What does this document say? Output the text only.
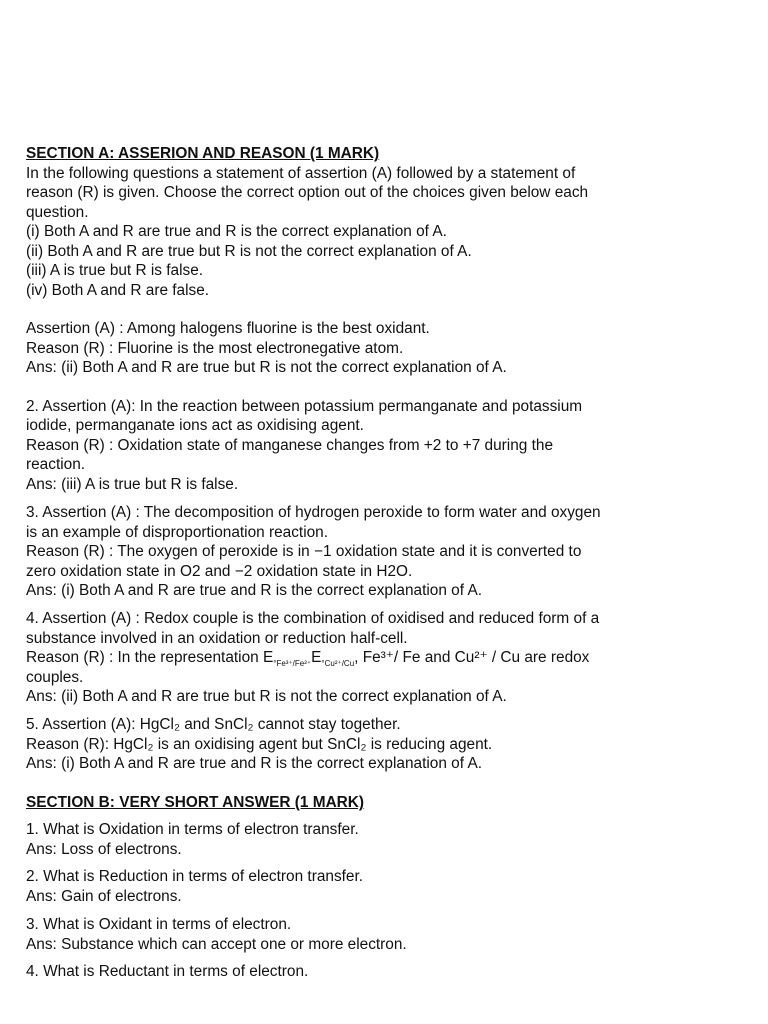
SECTION A: ASSERION AND REASON (1 MARK)

In the following questions a statement of assertion (A) followed by a statement of

reason (R) is given. Choose the correct option out of the choices given below each

question.

(i) Both A and R are true and R is the correct explanation of A.

(ii) Both A and R are true but R is not the correct explanation of A.

(iii) A is true but R is false.

(iv) Both A and R are false.

Assertion (A) : Among halogens fluorine is the best oxidant.

Reason (R) : Fluorine is the most electronegative atom.

Ans: (ii) Both A and R are true but R is not the correct explanation of A.

2. Assertion (A): In the reaction between potassium permanganate and potassium

iodide, permanganate ions act as oxidising agent.

Reason (R) : Oxidation state of manganese changes from +2 to +7 during the

reaction.

Ans: (iii) A is true but R is false.

3. Assertion (A) : The decomposition of hydrogen peroxide to form water and oxygen

is an example of disproportionation reaction.

Reason (R) : The oxygen of peroxide is in −1 oxidation state and it is converted to

zero oxidation state in O2 and −2 oxidation state in H2O.

Ans: (i) Both A and R are true and R is the correct explanation of A.

4. Assertion (A) : Redox couple is the combination of oxidised and reduced form of a

substance involved in an oxidation or reduction half-cell.

Reason (R) : In the representation $E_{^\circ Fe^{3+}/Fe^{2+}}E_{^\circ Cu^{2+}/Cu}$, Fe³⁺/ Fe and Cu²⁺ / Cu are redox

couples.

Ans: (ii) Both A and R are true but R is not the correct explanation of A.

5. Assertion (A): HgCl₂ and SnCl₂ cannot stay together.

Reason (R): HgCl₂ is an oxidising agent but SnCl₂ is reducing agent.

Ans: (i) Both A and R are true and R is the correct explanation of A.

SECTION B: VERY SHORT ANSWER (1 MARK)

1. What is Oxidation in terms of electron transfer.

Ans: Loss of electrons.

2. What is Reduction in terms of electron transfer.

Ans: Gain of electrons.

3. What is Oxidant in terms of electron.

Ans: Substance which can accept one or more electron.

4. What is Reductant in terms of electron.
